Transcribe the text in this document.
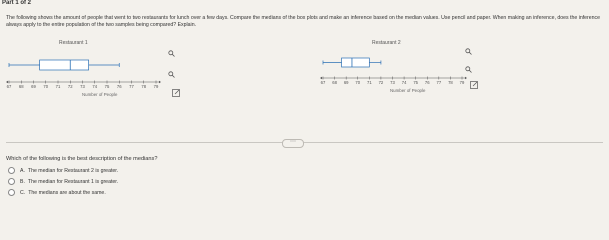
Part 1 of 2
The following shows the amount of people that went to two restaurants for lunch over a few days. Compare the medians of the box plots and make an inference based on the median values. Use pencil and paper. When making an inference, does the inference always apply to the entire population of the two samples being compared? Explain.
Restaurant 1
67 68 69 70 71 72 73 74 75 76 77 78 79
Number of People
Restaurant 2
67 68 69 70 71 72 73 74 75 76 77 78 79
Number of People
⋯
Which of the following is the best description of the medians?
A. The median for Restaurant 2 is greater.
B. The median for Restaurant 1 is greater.
C. The medians are about the same.
